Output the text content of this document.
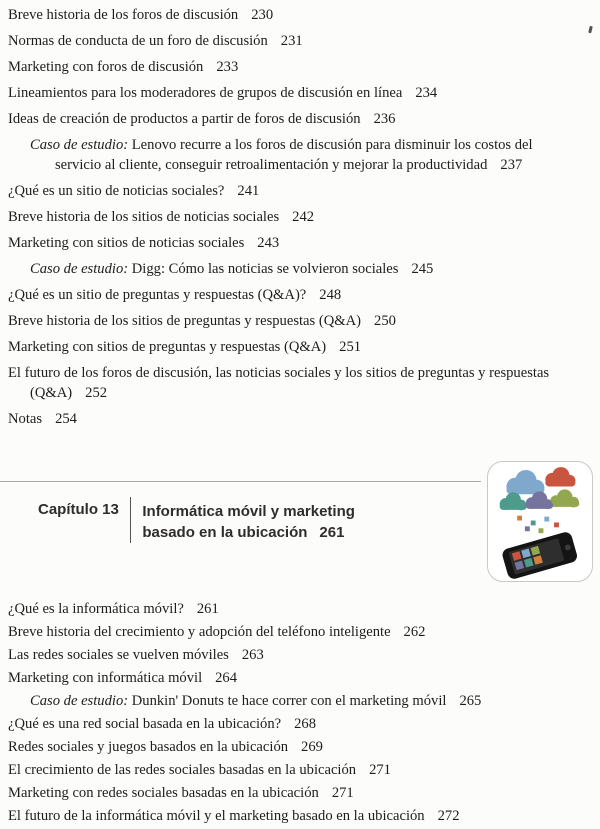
Breve historia de los foros de discusión 230
Normas de conducta de un foro de discusión 231
Marketing con foros de discusión 233
Lineamientos para los moderadores de grupos de discusión en línea 234
Ideas de creación de productos a partir de foros de discusión 236
Caso de estudio: Lenovo recurre a los foros de discusión para disminuir los costos del servicio al cliente, conseguir retroalimentación y mejorar la productividad 237
¿Qué es un sitio de noticias sociales? 241
Breve historia de los sitios de noticias sociales 242
Marketing con sitios de noticias sociales 243
Caso de estudio: Digg: Cómo las noticias se volvieron sociales 245
¿Qué es un sitio de preguntas y respuestas (Q&A)? 248
Breve historia de los sitios de preguntas y respuestas (Q&A) 250
Marketing con sitios de preguntas y respuestas (Q&A) 251
El futuro de los foros de discusión, las noticias sociales y los sitios de preguntas y respuestas (Q&A) 252
Notas 254
Capítulo 13 Informática móvil y marketing
basado en la ubicación 261
¿Qué es la informática móvil? 261
Breve historia del crecimiento y adopción del teléfono inteligente 262
Las redes sociales se vuelven móviles 263
Marketing con informática móvil 264
Caso de estudio: Dunkin' Donuts te hace correr con el marketing móvil 265
¿Qué es una red social basada en la ubicación? 268
Redes sociales y juegos basados en la ubicación 269
El crecimiento de las redes sociales basadas en la ubicación 271
Marketing con redes sociales basadas en la ubicación 271
El futuro de la informática móvil y el marketing basado en la ubicación 272
